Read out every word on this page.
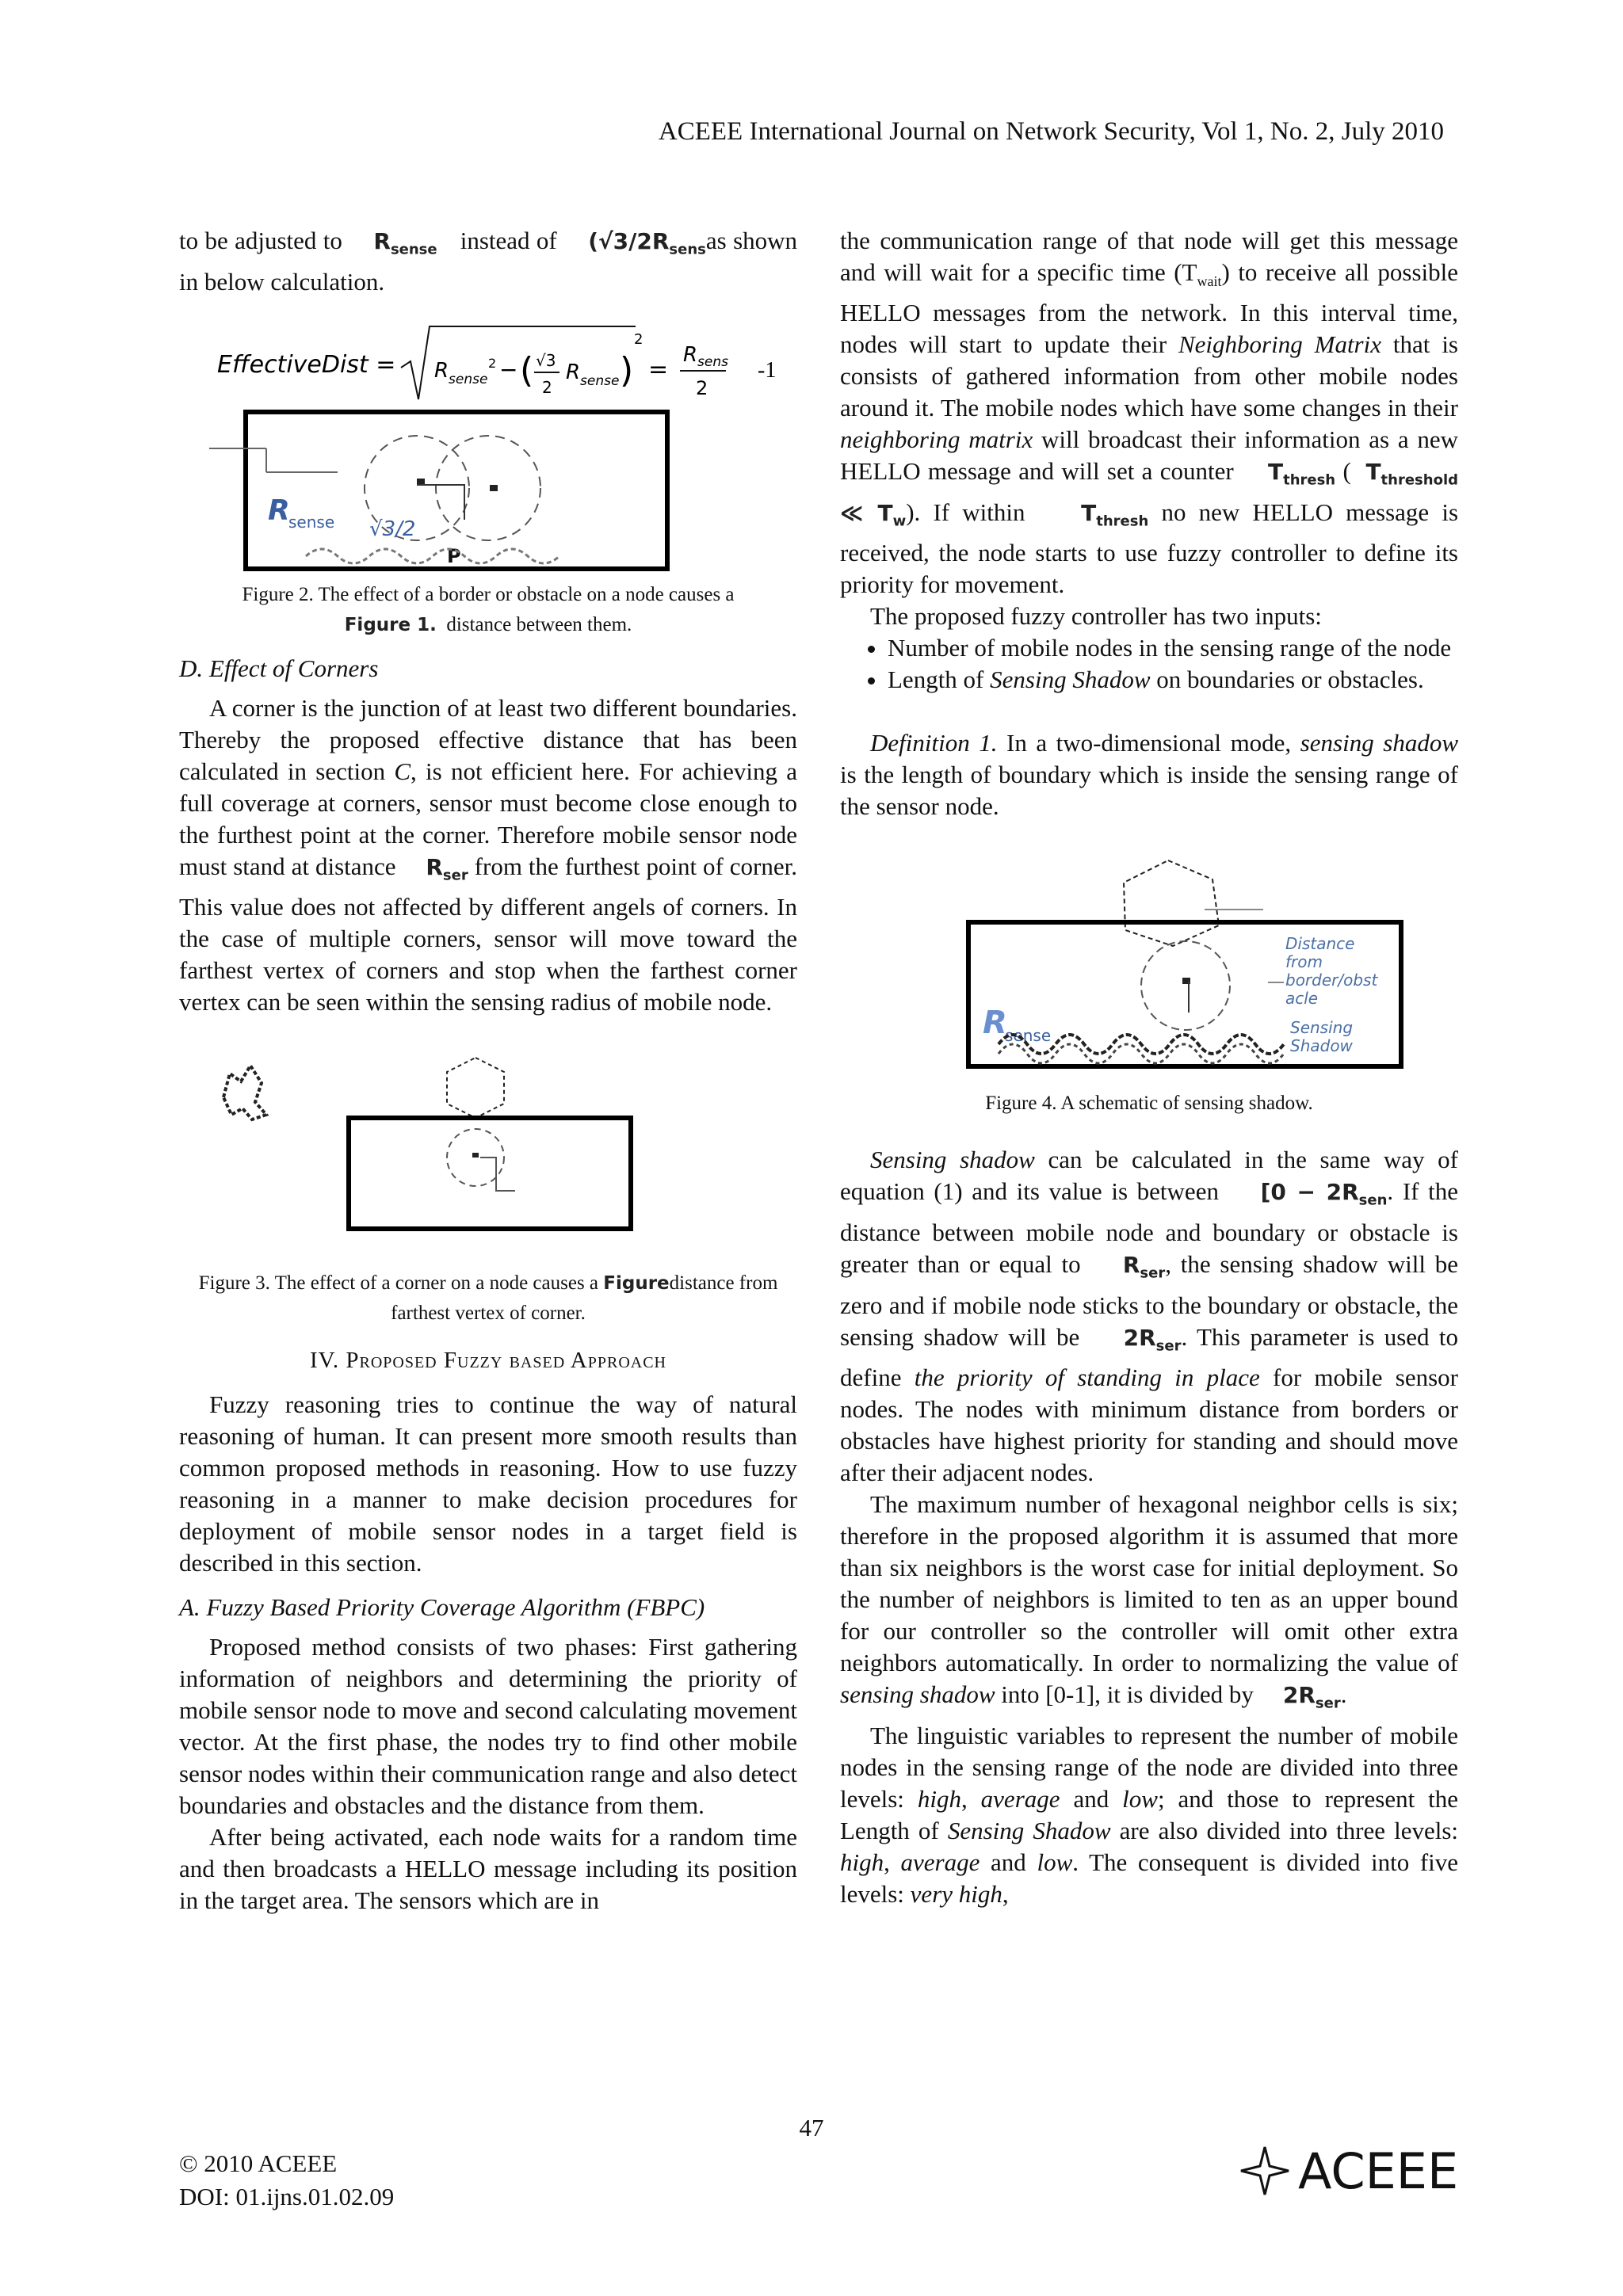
ACEEE International Journal on Network Security, Vol 1, No. 2, July 2010

to be adjusted to $R_{sense}$ instead of ($√3/2R_{sens}as$ shown in below calculation.

EffectiveDist = R sense
2 − ( √3
2
R sense )
2
=
R sens
2
-1
R
sense √3/2
P
Figure 2. The effect of a border or obstacle on a node causes a
Figure 1. distance between them.
D. Effect of Corners

A corner is the junction of at least two different boundaries. Thereby the proposed effective distance that has been calculated in section C, is not efficient here. For achieving a full coverage at corners, sensor must become close enough to the furthest point at the corner. Therefore mobile sensor node must stand at distance $R_{ser}$ from the furthest point of corner. This value does not affected by different angels of corners. In the case of multiple corners, sensor will move toward the farthest vertex of corners and stop when the farthest corner vertex can be seen within the sensing radius of mobile node.

Figure 3. The effect of a corner on a node causes a Figuredistance from farthest vertex of corner.
IV. Proposed Fuzzy based Approach

Fuzzy reasoning tries to continue the way of natural reasoning of human. It can present more smooth results than common proposed methods in reasoning. How to use fuzzy reasoning in a manner to make decision procedures for deployment of mobile sensor nodes in a target field is described in this section.

A. Fuzzy Based Priority Coverage Algorithm (FBPC)

Proposed method consists of two phases: First gathering information of neighbors and determining the priority of mobile sensor node to move and second calculating movement vector. At the first phase, the nodes try to find other mobile sensor nodes within their communication range and also detect boundaries and obstacles and the distance from them.

After being activated, each node waits for a random time and then broadcasts a HELLO message including its position in the target area. The sensors which are in

the communication range of that node will get this message and will wait for a specific time $(T_{wait})$ to receive all possible HELLO messages from the network. In this interval time, nodes will start to update their Neighboring Matrix that is consists of gathered information from other mobile nodes around it. The mobile nodes which have some changes in their neighboring matrix will broadcast their information as a new HELLO message and will set a counter $T_{thresh}$ (  $T_{threshold}$ ≪ $T_w$). If within	$T_{thresh}$ no new HELLO message is received, the node starts to use fuzzy controller to define its priority for movement.

The proposed fuzzy controller has two inputs:

• Number of mobile nodes in the sensing range of the node
• Length of Sensing Shadow on boundaries or obstacles.

Definition 1. In a two-dimensional mode, sensing shadow is the length of boundary which is inside the sensing range of the sensor node.

R
sense
Distance
from
border/obst
acle
Sensing
Shadow
Figure 4. A schematic of sensing shadow.

Sensing shadow can be calculated in the same way of equation (1) and its value is between [$0 - 2R_{sen}$. If the distance between mobile node and boundary or obstacle is greater than or equal to $R_{ser}$, the sensing shadow will be zero and if mobile node sticks to the boundary or obstacle, the sensing shadow will be $2R_{ser}$. This parameter is used to define the priority of standing in place for mobile sensor nodes. The nodes with minimum distance from borders or obstacles have highest priority for standing and should move after their adjacent nodes.

The maximum number of hexagonal neighbor cells is six; therefore in the proposed algorithm it is assumed that more than six neighbors is the worst case for initial deployment. So the number of neighbors is limited to ten as an upper bound for our controller so the controller will omit other extra neighbors automatically. In order to normalizing the value of sensing shadow into [0-1], it is divided by $2R_{ser}$.

The linguistic variables to represent the number of mobile nodes in the sensing range of the node are divided into three levels: high, average and low; and those to represent the Length of Sensing Shadow are also divided into three levels: high, average and low. The consequent is divided into five levels: very high,

47
© 2010 ACEEE
DOI: 01.ijns.01.02.09	ACEEE
